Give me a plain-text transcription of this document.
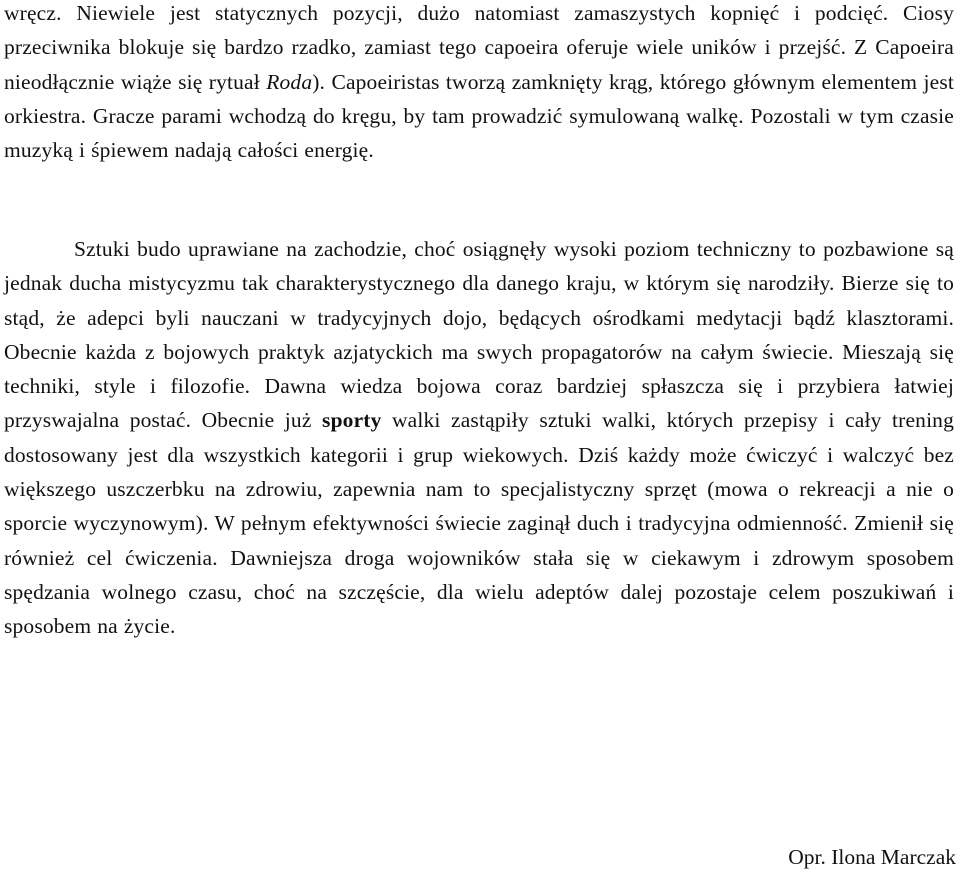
wręcz. Niewiele jest statycznych pozycji, dużo natomiast zamaszystych kopnięć i podcięć. Ciosy przeciwnika blokuje się bardzo rzadko, zamiast tego capoeira oferuje wiele uników i przejść. Z Capoeira nieodłącznie wiąże się rytuał Roda). Capoeiristas tworzą zamknięty krąg, którego głównym elementem jest orkiestra. Gracze parami wchodzą do kręgu, by tam prowadzić symulowaną walkę. Pozostali w tym czasie muzyką i śpiewem nadają całości energię.

Sztuki budo uprawiane na zachodzie, choć osiągnęły wysoki poziom techniczny to pozbawione są jednak ducha mistycyzmu tak charakterystycznego dla danego kraju, w którym się narodziły. Bierze się to stąd, że adepci byli nauczani w tradycyjnych dojo, będących ośrodkami medytacji bądź klasztorami. Obecnie każda z bojowych praktyk azjatyckich ma swych propagatorów na całym świecie. Mieszają się techniki, style i filozofie. Dawna wiedza bojowa coraz bardziej spłaszcza się i przybiera łatwiej przyswajalna postać. Obecnie już sporty walki zastąpiły sztuki walki, których przepisy i cały trening dostosowany jest dla wszystkich kategorii i grup wiekowych. Dziś każdy może ćwiczyć i walczyć bez większego uszczerbku na zdrowiu, zapewnia nam to specjalistyczny sprzęt (mowa o rekreacji a nie o sporcie wyczynowym). W pełnym efektywności świecie zaginął duch i tradycyjna odmienność. Zmienił się również cel ćwiczenia. Dawniejsza droga wojowników stała się w ciekawym i zdrowym sposobem spędzania wolnego czasu, choć na szczęście, dla wielu adeptów dalej pozostaje celem poszukiwań i sposobem na życie.

Opr. Ilona Marczak
